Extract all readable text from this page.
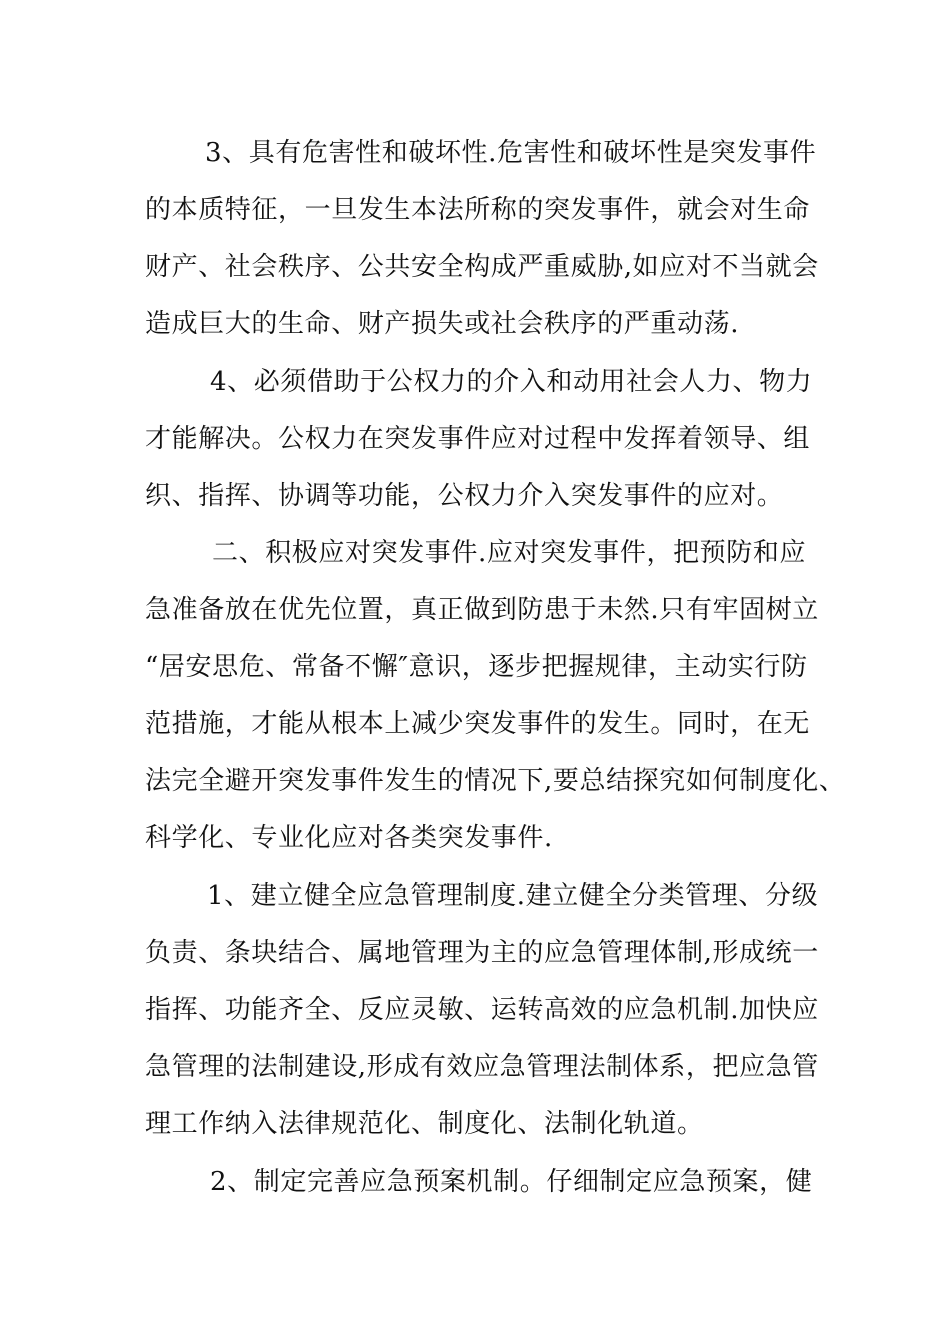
3、具有危害性和破坏性.危害性和破坏性是突发事件
的本质特征，一旦发生本法所称的突发事件，就会对生命
财产、社会秩序、公共安全构成严重威胁,如应对不当就会
造成巨大的生命、财产损失或社会秩序的严重动荡.
4、必须借助于公权力的介入和动用社会人力、物力
才能解决。公权力在突发事件应对过程中发挥着领导、组
织、指挥、协调等功能，公权力介入突发事件的应对。
二、积极应对突发事件.应对突发事件，把预防和应
急准备放在优先位置，真正做到防患于未然.只有牢固树立
“居安思危、常备不懈″意识，逐步把握规律，主动实行防
范措施，才能从根本上减少突发事件的发生。同时，在无
法完全避开突发事件发生的情况下,要总结探究如何制度化、
科学化、专业化应对各类突发事件.
1、建立健全应急管理制度.建立健全分类管理、分级
负责、条块结合、属地管理为主的应急管理体制,形成统一
指挥、功能齐全、反应灵敏、运转高效的应急机制.加快应
急管理的法制建设,形成有效应急管理法制体系，把应急管
理工作纳入法律规范化、制度化、法制化轨道。
2、制定完善应急预案机制。仔细制定应急预案，健
